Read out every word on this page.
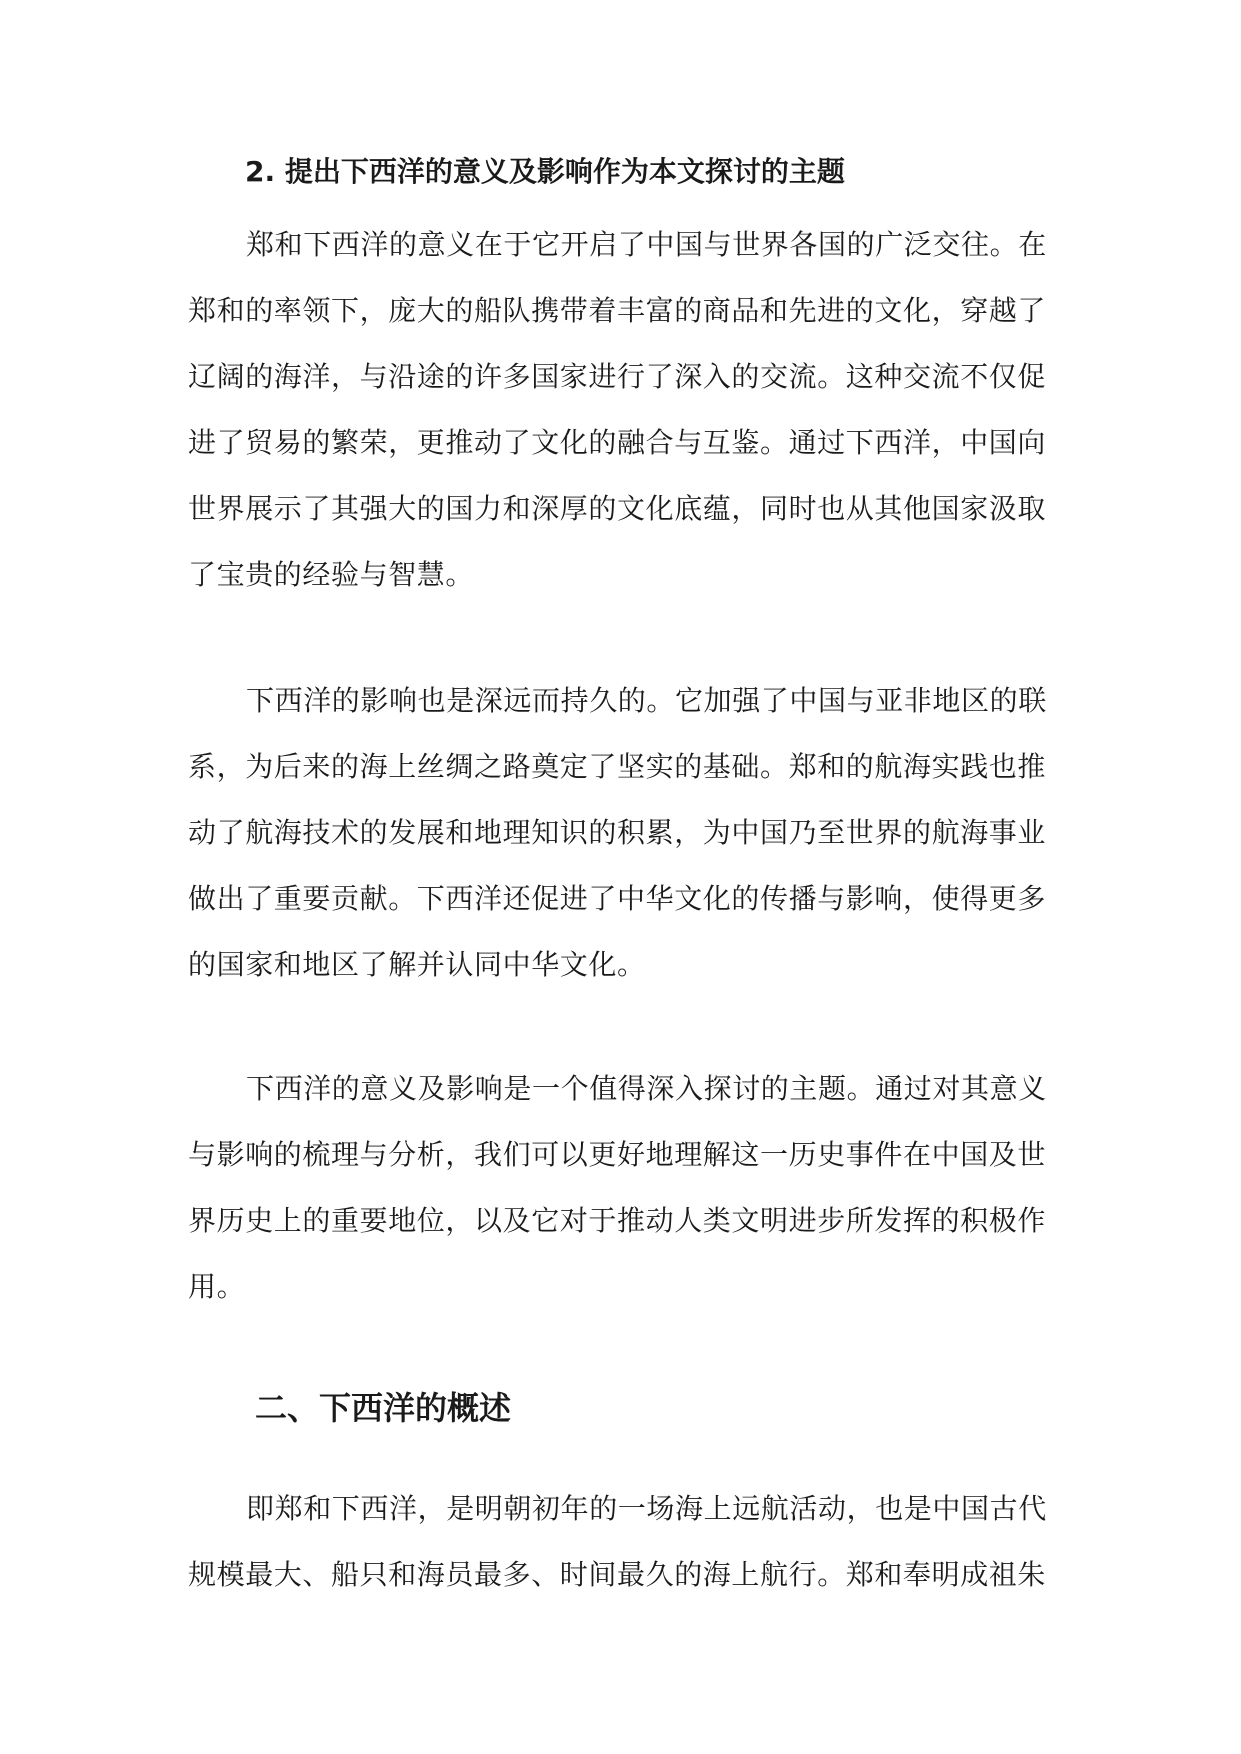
2. 提出下西洋的意义及影响作为本文探讨的主题

郑和下西洋的意义在于它开启了中国与世界各国的广泛交往。在
郑和的率领下，庞大的船队携带着丰富的商品和先进的文化，穿越了
辽阔的海洋，与沿途的许多国家进行了深入的交流。这种交流不仅促
进了贸易的繁荣，更推动了文化的融合与互鉴。通过下西洋，中国向
世界展示了其强大的国力和深厚的文化底蕴，同时也从其他国家汲取
了宝贵的经验与智慧。

下西洋的影响也是深远而持久的。它加强了中国与亚非地区的联
系，为后来的海上丝绸之路奠定了坚实的基础。郑和的航海实践也推
动了航海技术的发展和地理知识的积累，为中国乃至世界的航海事业
做出了重要贡献。下西洋还促进了中华文化的传播与影响，使得更多
的国家和地区了解并认同中华文化。

下西洋的意义及影响是一个值得深入探讨的主题。通过对其意义
与影响的梳理与分析，我们可以更好地理解这一历史事件在中国及世
界历史上的重要地位，以及它对于推动人类文明进步所发挥的积极作
用。

二、下西洋的概述

即郑和下西洋，是明朝初年的一场海上远航活动，也是中国古代
规模最大、船只和海员最多、时间最久的海上航行。郑和奉明成祖朱
